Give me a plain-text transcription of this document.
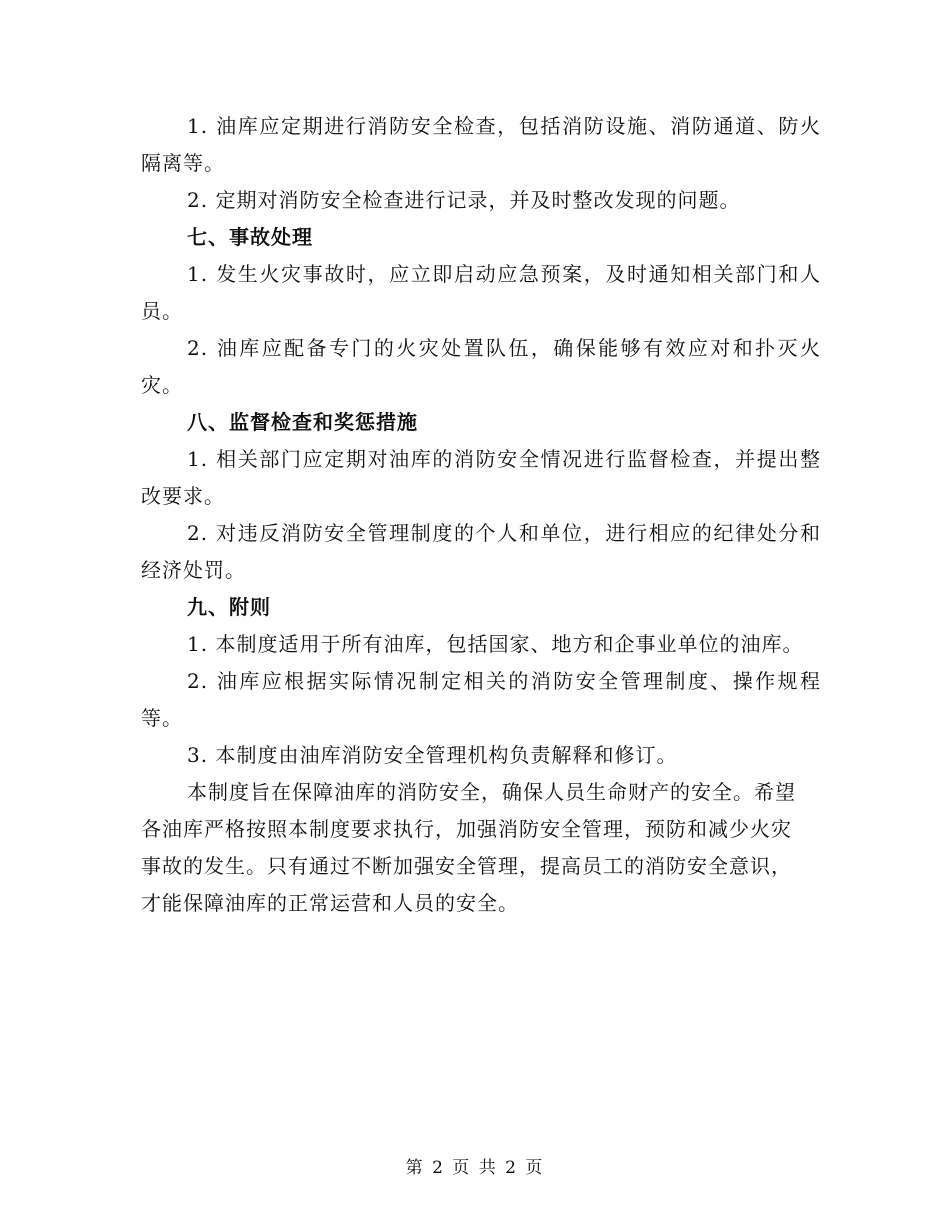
1. 油库应定期进行消防安全检查，包括消防设施、消防通道、防火隔离等。

2. 定期对消防安全检查进行记录，并及时整改发现的问题。

七、事故处理

1. 发生火灾事故时，应立即启动应急预案，及时通知相关部门和人员。

2. 油库应配备专门的火灾处置队伍，确保能够有效应对和扑灭火灾。

八、监督检查和奖惩措施

1. 相关部门应定期对油库的消防安全情况进行监督检查，并提出整改要求。

2. 对违反消防安全管理制度的个人和单位，进行相应的纪律处分和经济处罚。

九、附则

1. 本制度适用于所有油库，包括国家、地方和企事业单位的油库。

2. 油库应根据实际情况制定相关的消防安全管理制度、操作规程等。

3. 本制度由油库消防安全管理机构负责解释和修订。

本制度旨在保障油库的消防安全，确保人员生命财产的安全。希望各油库严格按照本制度要求执行，加强消防安全管理，预防和减少火灾事故的发生。只有通过不断加强安全管理，提高员工的消防安全意识，才能保障油库的正常运营和人员的安全。

第 2 页 共 2 页
